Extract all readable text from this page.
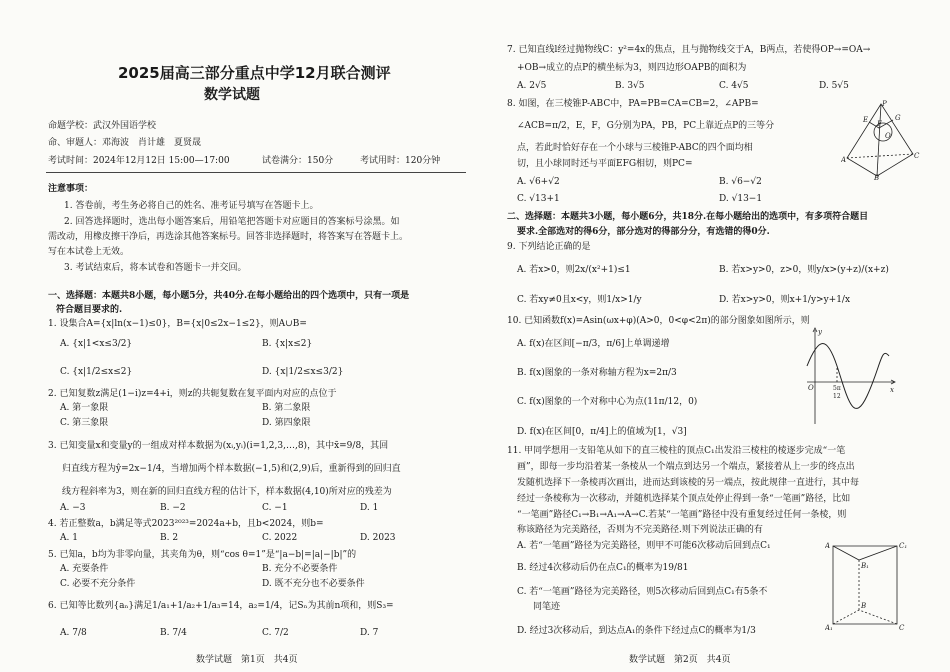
2025届高三部分重点中学12月联合测评
数学试题
命题学校：武汉外国语学校
命、审题人：邓海波　肖计雄　夏贤晟
考试时间：2024年12月12日 15:00—17:00	试卷满分：150分	考试用时：120分钟
注意事项：
1. 答卷前，考生务必将自己的姓名、准考证号填写在答题卡上。
2. 回答选择题时，选出每小题答案后，用铅笔把答题卡对应题目的答案标号涂黑。如
需改动，用橡皮擦干净后，再选涂其他答案标号。回答非选择题时，将答案写在答题卡上。
写在本试卷上无效。
3. 考试结束后，将本试卷和答题卡一并交回。
一、选择题：本题共8小题，每小题5分，共40分.在每小题给出的四个选项中，只有一项是
符合题目要求的.
1. 设集合A={x|ln(x−1)≤0}，B={x|0≤2x−1≤2}，则A∪B=
A. {x|1<x≤3/2}	B. {x|x≤2}
C. {x|1/2≤x≤2}	D. {x|1/2≤x≤3/2}
2. 已知复数z满足(1−i)z=4+i，则z的共轭复数在复平面内对应的点位于
A. 第一象限	B. 第二象限
C. 第三象限	D. 第四象限
3. 已知变量x和变量y的一组成对样本数据为(xᵢ,yᵢ)(i=1,2,3,…,8)，其中x̄=9/8，其回
归直线方程为ŷ=2x−1/4，当增加两个样本数据(−1,5)和(2,9)后，重新得到的回归直
线方程斜率为3，则在新的回归直线方程的估计下，样本数据(4,10)所对应的残差为
A. −3	B. −2	C. −1	D. 1
4. 若正整数a，b满足等式2023²⁰²³=2024a+b，且b<2024，则b=
A. 1	B. 2	C. 2022	D. 2023
5. 已知a，b均为非零向量，其夹角为θ，则“cos θ=1”是“|a−b|=|a|−|b|”的
A. 充要条件	B. 充分不必要条件
C. 必要不充分条件	D. 既不充分也不必要条件
6. 已知等比数列{aₙ}满足1/a₁+1/a₂+1/a₃=14，a₂=1/4，记Sₙ为其前n项和，则S₃=
A. 7/8	B. 7/4	C. 7/2	D. 7
数学试题　第1页　共4页
7. 已知直线l经过抛物线C：y²=4x的焦点，且与抛物线交于A，B两点，若使得OP→=OA→
+OB→成立的点P的横坐标为3，则四边形OAPB的面积为
A. 2√5	B. 3√5	C. 4√5	D. 5√5
8. 如图，在三棱锥P-ABC中，PA=PB=CA=CB=2，∠APB=
∠ACB=π/2，E，F，G分别为PA，PB，PC上靠近点P的三等分
点，若此时恰好存在一个小球与三棱锥P-ABC的四个面均相
切，且小球同时还与平面EFG相切，则PC=
A. √6+√2	B. √6−√2
C. √13+1	D. √13−1
P
A
B
C
E F
G
O
二、选择题：本题共3小题，每小题6分，共18分.在每小题给出的选项中，有多项符合题目
要求.全部选对的得6分，部分选对的得部分分，有选错的得0分.
9. 下列结论正确的是
A. 若x>0，则2x/(x²+1)≤1	B. 若x>y>0，z>0，则y/x>(y+z)/(x+z)
C. 若xy≠0且x<y，则1/x>1/y	D. 若x>y>0，则x+1/y>y+1/x
10. 已知函数f(x)=Asin(ωx+φ)(A>0，0<φ<2π)的部分图象如图所示，则
A. f(x)在区间[−π/3，π/6]上单调递增
B. f(x)图象的一条对称轴方程为x=2π/3
C. f(x)图象的一个对称中心为点(11π/12，0)
D. f(x)在区间[0，π/4]上的值域为[1，√3]
y
x
O	5π
12
11. 甲同学想用一支铅笔从如下的直三棱柱的顶点C₁出发沿三棱柱的棱逐步完成“一笔
画”，即每一步均沿着某一条棱从一个端点到达另一个端点，紧接着从上一步的终点出
发随机选择下一条棱再次画出，进而达到该棱的另一端点，按此规律一直进行，其中每
经过一条棱称为一次移动，并随机选择某个顶点处停止得到一条“一笔画”路径，比如
“一笔画”路径C₁→B₁→A₁→A→C.若某“一笔画”路径中没有重复经过任何一条棱，则
称该路径为完美路径，否则为不完美路径.则下列说法正确的有
A. 若“一笔画”路径为完美路径，则甲不可能6次移动后回到点C₁
B. 经过4次移动后仍在点C₁的概率为19/81
C. 若“一笔画”路径为完美路径，则5次移动后回到点C₁有5条不
同笔迹
D. 经过3次移动后，到达点A₁的条件下经过点C的概率为1/3
A	C₁
B₁
B
A₁	C
数学试题　第2页　共4页
